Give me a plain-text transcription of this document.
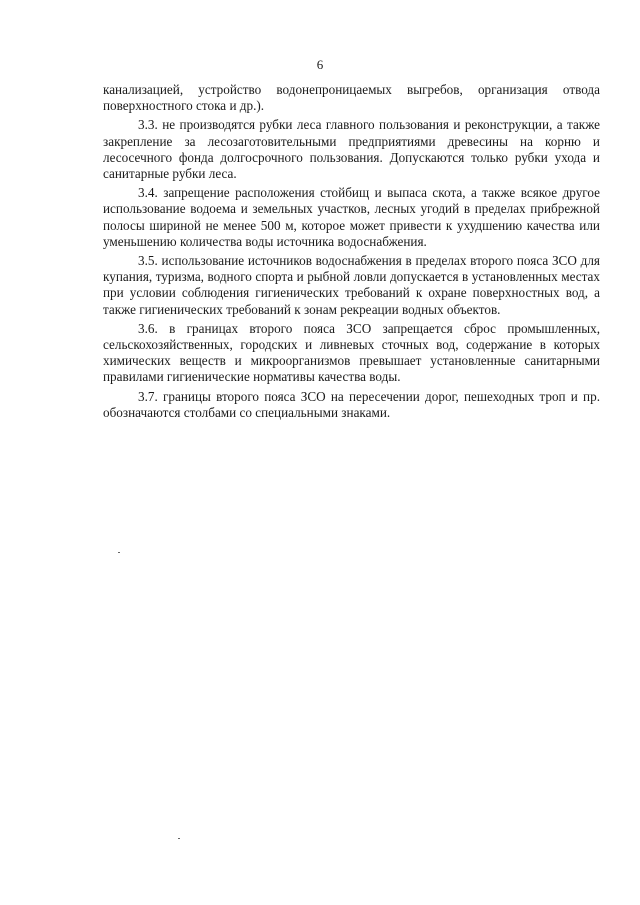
6

канализацией, устройство водонепроницаемых выгребов, организация отвода поверхностного стока и др.).

3.3. не производятся рубки леса главного пользования и реконструкции, а также закрепление за лесозаготовительными предприятиями древесины на корню и лесосечного фонда долгосрочного пользования. Допускаются только рубки ухода и санитарные рубки леса.

3.4. запрещение расположения стойбищ и выпаса скота, а также всякое другое использование водоема и земельных участков, лесных угодий в пределах прибрежной полосы шириной не менее 500 м, которое может привести к ухудшению качества или уменьшению количества воды источника водоснабжения.

3.5. использование источников водоснабжения в пределах второго пояса ЗСО для купания, туризма, водного спорта и рыбной ловли допускается в установленных местах при условии соблюдения гигиенических требований к охране поверхностных вод, а также гигиенических требований к зонам рекреации водных объектов.

3.6. в границах второго пояса ЗСО запрещается сброс промышленных, сельскохозяйственных, городских и ливневых сточных вод, содержание в которых химических веществ и микроорганизмов превышает установленные санитарными правилами гигиенические нормативы качества воды.

3.7. границы второго пояса ЗСО на пересечении дорог, пешеходных троп и пр. обозначаются столбами со специальными знаками.
